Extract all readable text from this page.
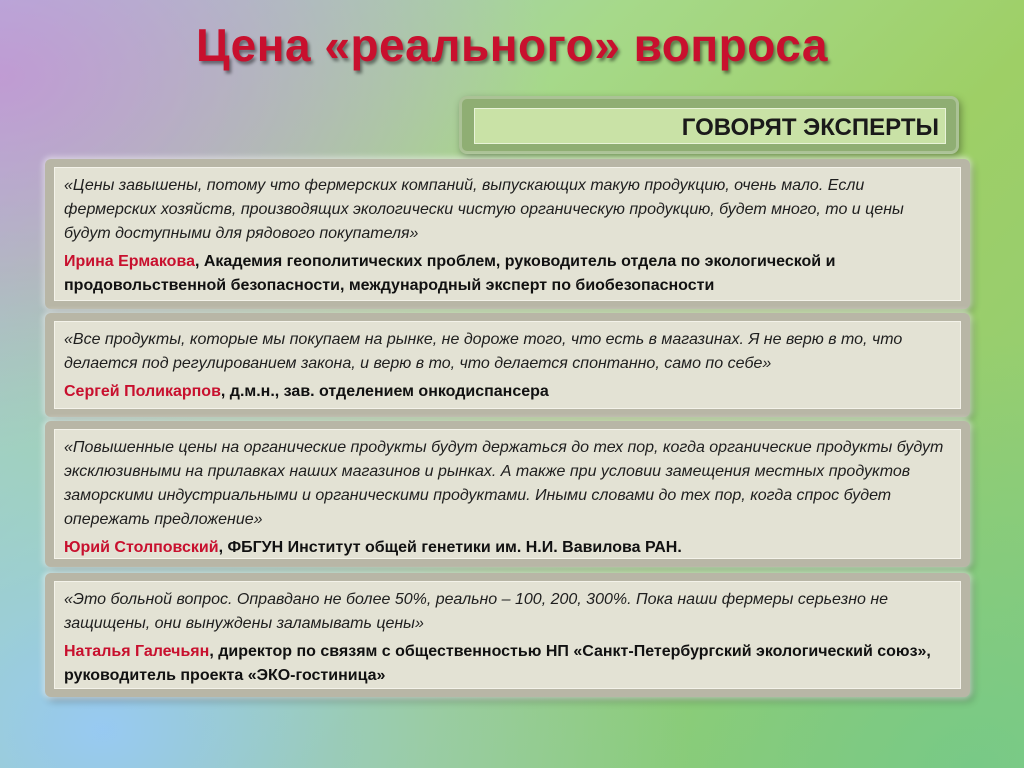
Цена «реального» вопроса
ГОВОРЯТ ЭКСПЕРТЫ

«Цены завышены, потому что фермерских компаний, выпускающих такую продукцию, очень мало. Если фермерских хозяйств, производящих экологически чистую органическую продукцию, будет много, то и цены будут доступными для рядового покупателя»

Ирина Ермакова, Академия геополитических проблем, руководитель отдела по экологической и продовольственной безопасности, международный эксперт по биобезопасности

«Все продукты, которые мы покупаем на рынке, не дороже того, что есть в магазинах. Я не верю в то, что делается под регулированием закона, и верю в то, что делается спонтанно, само по себе»

Сергей Поликарпов, д.м.н., зав. отделением онкодиспансера

«Повышенные цены на органические продукты будут держаться до тех пор, когда органические продукты будут эксклюзивными на прилавках наших магазинов и рынках. А также при условии замещения местных продуктов заморскими индустриальными и органическими продуктами. Иными словами до тех пор, когда спрос будет опережать предложение»

Юрий Столповский, ФБГУН Институт общей генетики им. Н.И. Вавилова РАН.

«Это больной вопрос. Оправдано не более 50%, реально – 100, 200, 300%. Пока наши фермеры серьезно не защищены, они вынуждены заламывать цены»

Наталья Галечьян, директор по связям с общественностью НП «Санкт-Петербургский экологический союз», руководитель проекта «ЭКО-гостиница»
